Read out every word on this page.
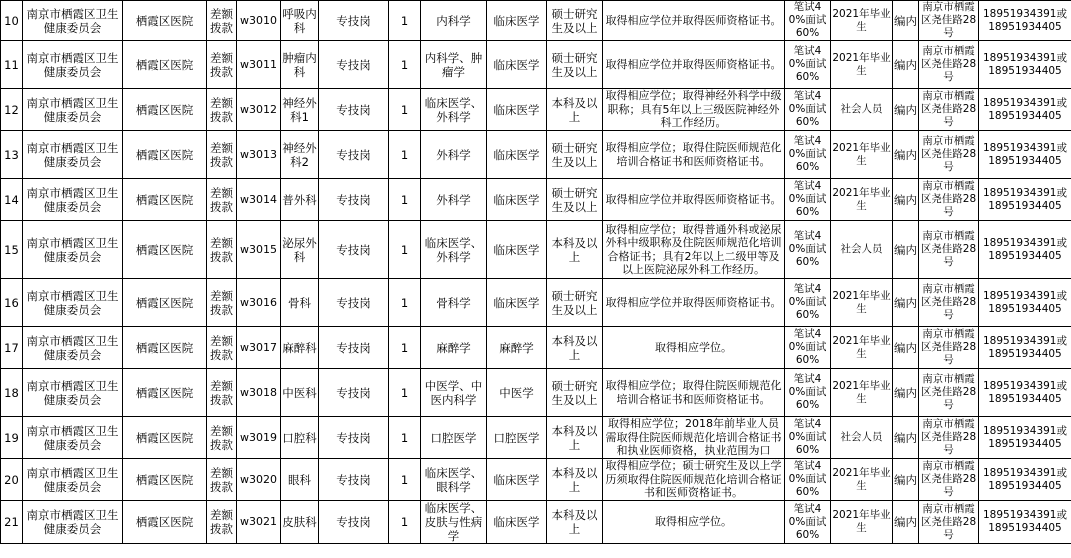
10	南京市栖霞区卫生健康委员会	栖霞区医院	差额拨款	w3010	呼吸内科	专技岗	1	内科学	临床医学	硕士研究生及以上	取得相应学位并取得医师资格证书。	笔试40%面试60%	2021年毕业生	编内	南京市栖霞区尧佳路28号	18951934391或18951934405
11	南京市栖霞区卫生健康委员会	栖霞区医院	差额拨款	w3011	肿瘤内科	专技岗	1	内科学、肿瘤学	临床医学	硕士研究生及以上	取得相应学位并取得医师资格证书。	笔试40%面试60%	2021年毕业生	编内	南京市栖霞区尧佳路28号	18951934391或18951934405
12	南京市栖霞区卫生健康委员会	栖霞区医院	差额拨款	w3012	神经外科1	专技岗	1	临床医学、外科学	临床医学	本科及以上	取得相应学位；取得神经外科学中级职称；具有5年以上三级医院神经外科工作经历。	笔试40%面试60%	社会人员	编内	南京市栖霞区尧佳路28号	18951934391或18951934405
13	南京市栖霞区卫生健康委员会	栖霞区医院	差额拨款	w3013	神经外科2	专技岗	1	外科学	临床医学	硕士研究生及以上	取得相应学位；取得住院医师规范化培训合格证书和医师资格证书。	笔试40%面试60%	2021年毕业生	编内	南京市栖霞区尧佳路28号	18951934391或18951934405
14	南京市栖霞区卫生健康委员会	栖霞区医院	差额拨款	w3014	普外科	专技岗	1	外科学	临床医学	硕士研究生及以上	取得相应学位并取得医师资格证书。	笔试40%面试60%	2021年毕业生	编内	南京市栖霞区尧佳路28号	18951934391或18951934405
15	南京市栖霞区卫生健康委员会	栖霞区医院	差额拨款	w3015	泌尿外科	专技岗	1	临床医学、外科学	临床医学	本科及以上	取得相应学位；取得普通外科或泌尿外科中级职称及住院医师规范化培训合格证书；具有2年以上二级甲等及以上医院泌尿外科工作经历。	笔试40%面试60%	社会人员	编内	南京市栖霞区尧佳路28号	18951934391或18951934405
16	南京市栖霞区卫生健康委员会	栖霞区医院	差额拨款	w3016	骨科	专技岗	1	骨科学	临床医学	硕士研究生及以上	取得相应学位并取得医师资格证书。	笔试40%面试60%	2021年毕业生	编内	南京市栖霞区尧佳路28号	18951934391或18951934405
17	南京市栖霞区卫生健康委员会	栖霞区医院	差额拨款	w3017	麻醉科	专技岗	1	麻醉学	麻醉学	本科及以上	取得相应学位。	笔试40%面试60%	2021年毕业生	编内	南京市栖霞区尧佳路28号	18951934391或18951934405
18	南京市栖霞区卫生健康委员会	栖霞区医院	差额拨款	w3018	中医科	专技岗	1	中医学、中医内科学	中医学	硕士研究生及以上	取得相应学位；取得住院医师规范化培训合格证书和医师资格证书。	笔试40%面试60%	2021年毕业生	编内	南京市栖霞区尧佳路28号	18951934391或18951934405
19	南京市栖霞区卫生健康委员会	栖霞区医院	差额拨款	w3019	口腔科	专技岗	1	口腔医学	口腔医学	本科及以上	取得相应学位；2018年前毕业人员需取得住院医师规范化培训合格证书和执业医师资格，执业范围为口	笔试40%面试60%	社会人员	编内	南京市栖霞区尧佳路28号	18951934391或18951934405
20	南京市栖霞区卫生健康委员会	栖霞区医院	差额拨款	w3020	眼科	专技岗	1	临床医学、眼科学	临床医学	本科及以上	取得相应学位；硕士研究生及以上学历须取得住院医师规范化培训合格证书和医师资格证书。	笔试40%面试60%	2021年毕业生	编内	南京市栖霞区尧佳路28号	18951934391或18951934405
21	南京市栖霞区卫生健康委员会	栖霞区医院	差额拨款	w3021	皮肤科	专技岗	1	临床医学、皮肤与性病学	临床医学	本科及以上	取得相应学位。	笔试40%面试60%	2021年毕业生	编内	南京市栖霞区尧佳路28号	18951934391或18951934405
